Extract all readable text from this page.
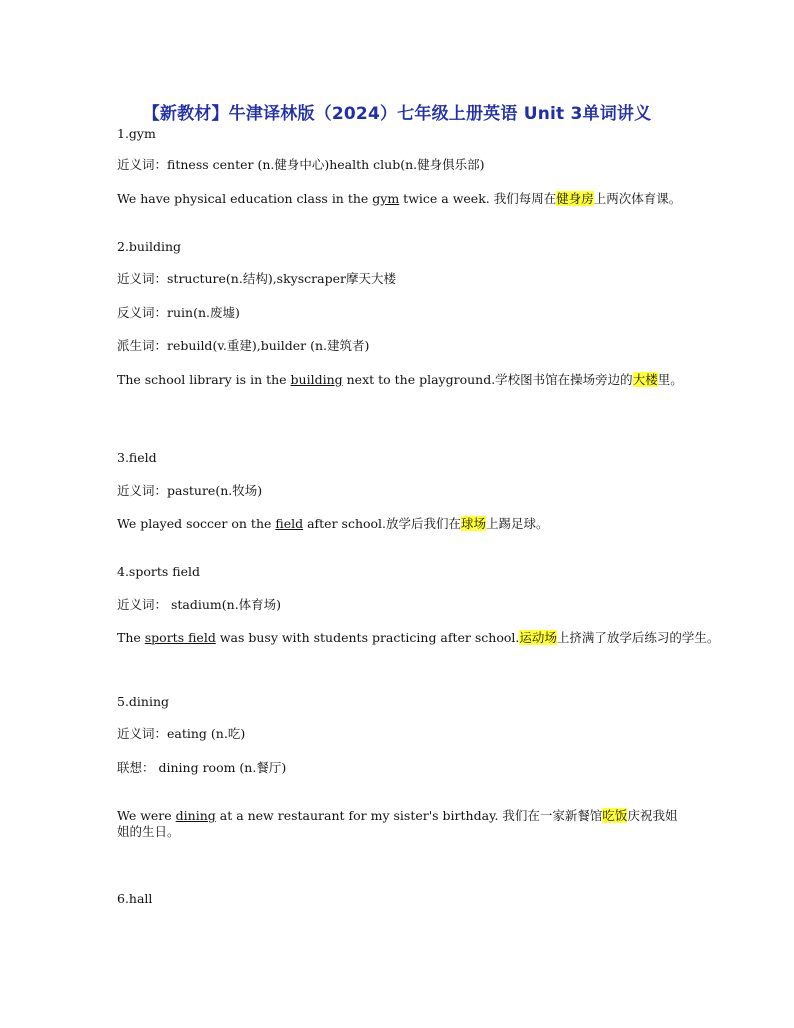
【新教材】牛津译林版（2024）七年级上册英语 Unit 3单词讲义
1.gym
近义词：fitness center (n.健身中心)health club(n.健身俱乐部)
We have physical education class in the gym twice a week. 我们每周在健身房上两次体育课。
2.building
近义词：structure(n.结构),skyscraper摩天大楼
反义词：ruin(n.废墟)
派生词：rebuild(v.重建),builder (n.建筑者)
The school library is in the building next to the playground.学校图书馆在操场旁边的大楼里。
3.field
近义词：pasture(n.牧场)
We played soccer on the field after school.放学后我们在球场上踢足球。
4.sports field
近义词： stadium(n.体育场)
The sports field was busy with students practicing after school.运动场上挤满了放学后练习的学生。
5.dining
近义词：eating (n.吃)
联想： dining room (n.餐厅)
We were dining at a new restaurant for my sister's birthday. 我们在一家新餐馆吃饭庆祝我姐姐的生日。
6.hall
